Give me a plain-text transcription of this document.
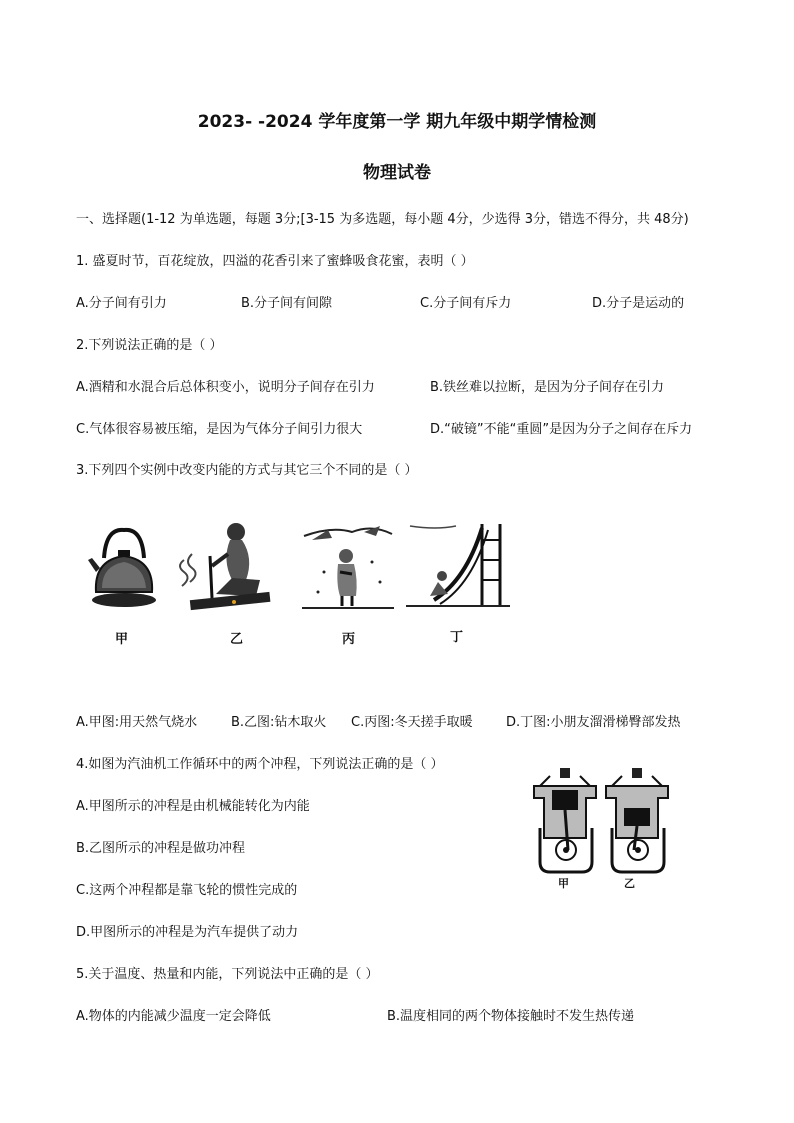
2023- -2024 学年度第一学 期九年级中期学情检测
物理试卷
一、选择题(1-12 为单选题，每题 3分;[3-15 为多选题，每小题 4分，少选得 3分，错选不得分，共 48分)
1. 盛夏时节，百花绽放，四溢的花香引来了蜜蜂吸食花蜜，表明（ ）
A.分子间有引力	B.分子间有间隙	C.分子间有斥力	D.分子是运动的
2.下列说法正确的是（ ）
A.酒精和水混合后总体积变小，说明分子间存在引力	B.铁丝难以拉断，是因为分子间存在引力
C.气体很容易被压缩，是因为气体分子间引力很大	D.“破镜”不能“重圆”是因为分子之间存在斥力
3.下列四个实例中改变内能的方式与其它三个不同的是（ ）
甲	乙	丙	丁
A.甲图:用天然气烧水	B.乙图:钻木取火 C.丙图:冬天搓手取暖	D.丁图:小朋友溜滑梯臀部发热
4.如图为汽油机工作循环中的两个冲程，下列说法正确的是（ ）
A.甲图所示的冲程是由机械能转化为内能
B.乙图所示的冲程是做功冲程
C.这两个冲程都是靠飞轮的惯性完成的
D.甲图所示的冲程是为汽车提供了动力
甲	乙
5.关于温度、热量和内能，下列说法中正确的是（ ）
A.物体的内能减少温度一定会降低	B.温度相同的两个物体接触时不发生热传递
